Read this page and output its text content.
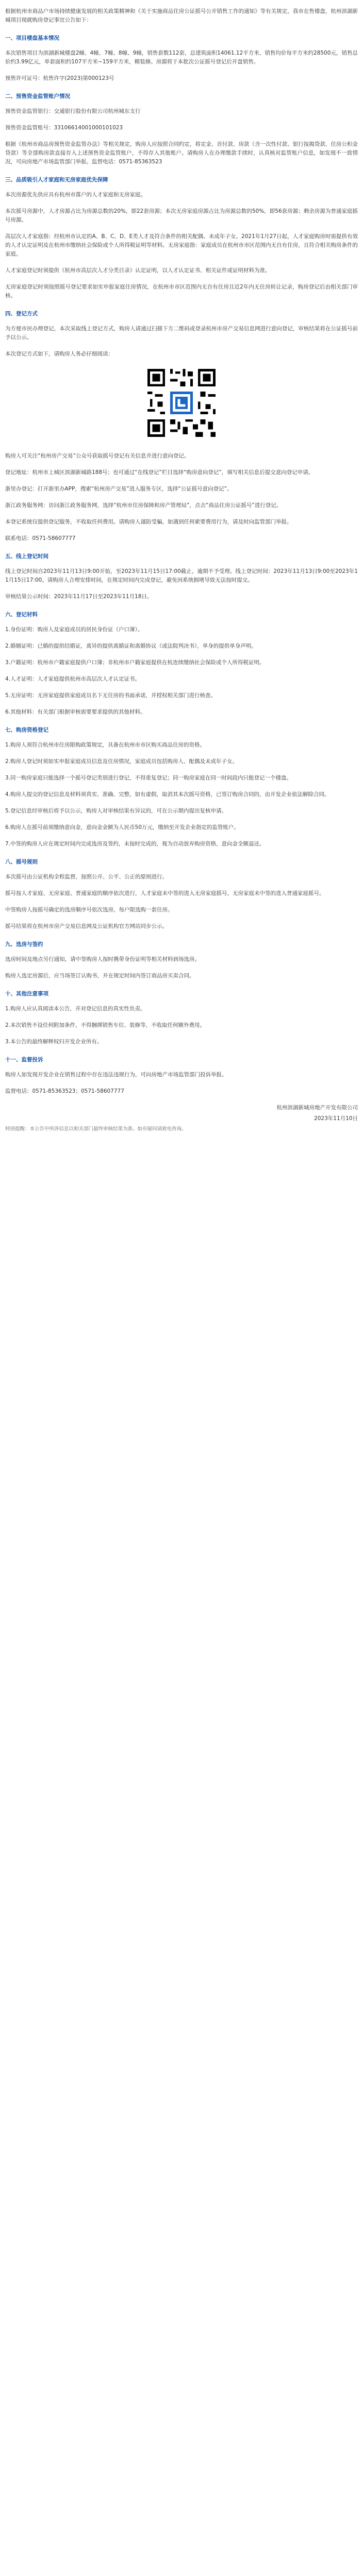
根据杭州市商品户市场持续健康发展的相关政策精神和《关于实施商品住房公证摇号公开销售工作的通知》等有关规定，我市在售楼盘，杭州滨湖新城项目现就购房登记事宜公告如下：

一、项目楼盘基本情况

本次销售项目为滨湖新城楼盘2幢、4幢、7幢、8幢、9幢，销售套数112套，总建筑面积14061.12平方米，销售均价每平方米约28500元，销售总价约3.99亿元，单套面积约107平方米~159平方米，精装修。房源将于本批次公证摇号登记后开盘销售。

预售许可证号：杭售许字(2023)第000123号

二、预售资金监管账户情况

预售资金监管银行：交通银行股份有限公司杭州城东支行

预售资金监管账号：33106614001000101023

根据《杭州市商品房预售资金监管办法》等相关规定，购房人应按照合同约定，将定金、首付款、房款（含一次性付款、银行按揭贷款、住房公积金贷款）等全部购房款直接存入上述预售资金监管账户，不得存入其他账户。请购房人在办理缴款手续时，认真核对监管账户信息，如发现不一致情况，可向房地产市场监管部门举报。监督电话：0571-85363523

三、品质吸引人才家庭和无房家庭优先保障

本次房源优先供应具有杭州市落户的人才家庭和无房家庭。

本次摇号房源中，人才房源占比为房源总数的20%，即22套房源；本次无房家庭房源占比为房源总数的50%，即56套房源；剩余房源为普通家庭摇号房源。

高层次人才家庭指：经杭州市认定的A、B、C、D、E类人才及符合条件的相关配偶、未成年子女。2021年1月27日起，人才家庭购房时需提供有效的人才认定证明及在杭州市缴纳社会保险或个人所得税证明等材料。无房家庭指：家庭成员在杭州市市区范围内无自有住房，且符合相关购房条件的家庭。

人才家庭登记时须提供《杭州市高层次人才分类目录》认定证明，以人才认定证书、相关证件或证明材料为准。

无房家庭登记时须按照摇号登记要求如实申报家庭住房情况，在杭州市市区范围内无自有住房且近2年内无住房转让记录，购房登记后由相关部门审核。

四、登记方式

为方便市民办理登记，本次采取线上登记方式，购房人请通过扫描下方二维码或登录杭州市房产交易信息网进行意向登记，审核结果将在公证摇号前予以公示。

本次登记方式如下，请购房人务必仔细阅读：

购房人可关注“杭州房产交易”公众号获取摇号登记有关信息并进行意向登记。

登记地址：杭州市上城区滨湖新城路188号；也可通过“在线登记”栏目选择“购房意向登记”，填写相关信息后提交意向登记申请。

浙里办登记：打开浙里办APP，搜索“杭州房产交易”进入服务专区，选择“公证摇号意向登记”。

浙江政务服务网：访问浙江政务服务网，选择“杭州市住房保障和房产管理局”，点击“商品住房公证摇号”进行登记。

本登记系统仅提供登记服务，不收取任何费用。请购房人谨防受骗，如遇到任何索要费用行为，请及时向监管部门举报。

联系电话：0571-58607777

五、线上登记时间

线上登记时间自2023年11月13日9:00开始，至2023年11月15日17:00截止，逾期不予受理。线上登记时间：2023年11月13日9:00至2023年11月15日17:00。请购房人合理安排时间，在规定时间内完成登记，避免因系统拥堵导致无法按时提交。

审核结果公示时间：2023年11月17日至2023年11月18日。

六、登记材料

1.身份证明：购房人及家庭成员的居民身份证（户口簿）。

2.婚姻证明：已婚的提供结婚证，离异的提供离婚证和离婚协议（或法院判决书），单身的提供单身声明。

3.户籍证明：杭州市户籍家庭提供户口簿；非杭州市户籍家庭提供在杭连续缴纳社会保险或个人所得税证明。

4.人才证明：人才家庭提供杭州市高层次人才认定证书。

5.无房证明：无房家庭提供家庭成员名下无住房的书面承诺，并授权相关部门进行核查。

6.其他材料：有关部门根据审核需要要求提供的其他材料。

七、购房资格登记

1.购房人须符合杭州市住房限购政策规定，具备在杭州市市区购买商品住房的资格。

2.购房人登记时须如实申报家庭成员信息及住房情况，家庭成员包括购房人、配偶及未成年子女。

3.同一购房家庭只能选择一个摇号登记类别进行登记，不得重复登记；同一购房家庭在同一时间段内只能登记一个楼盘。

4.购房人提交的登记信息及材料须真实、准确、完整，如有虚假，取消其本次摇号资格，已签订购房合同的，由开发企业依法解除合同。

5.登记信息经审核后将予以公示，购房人对审核结果有异议的，可在公示期内提出复核申请。

6.购房人在摇号前须缴纳意向金，意向金金额为人民币50万元，缴纳至开发企业指定的监管账户。

7.中签的购房人应在规定时间内完成选房及签约，未按时完成的，视为自动放弃购房资格，意向金全额退还。

八、摇号规则

本次摇号由公证机构全程监督，按照公开、公平、公正的原则进行。

摇号按人才家庭、无房家庭、普通家庭的顺序依次进行，人才家庭未中签的进入无房家庭摇号，无房家庭未中签的进入普通家庭摇号。

中签购房人按摇号确定的选房顺序号依次选房，每户限选购一套住房。

摇号结果将在杭州市房产交易信息网及公证机构官方网站同步公示。

九、选房与签约

选房时间及地点另行通知，请中签购房人按时携带身份证明等相关材料到场选房。

购房人选定房源后，应当场签订认购书，并在规定时间内签订商品房买卖合同。

十、其他注意事项

1.购房人应认真阅读本公告，并对登记信息的真实性负责。

2.本次销售不设任何附加条件，不得捆绑销售车位、装修等，不收取任何额外费用。

3.本公告的最终解释权归开发企业所有。

十一、监督投诉

购房人如发现开发企业在销售过程中存在违法违规行为，可向房地产市场监管部门投诉举报。

监督电话：0571-85363523；0571-58607777

杭州滨湖新城房地产开发有限公司

2023年11月10日

特别提醒：本公告中所涉信息以相关部门最终审核结果为准。如有疑问请致电咨询。
